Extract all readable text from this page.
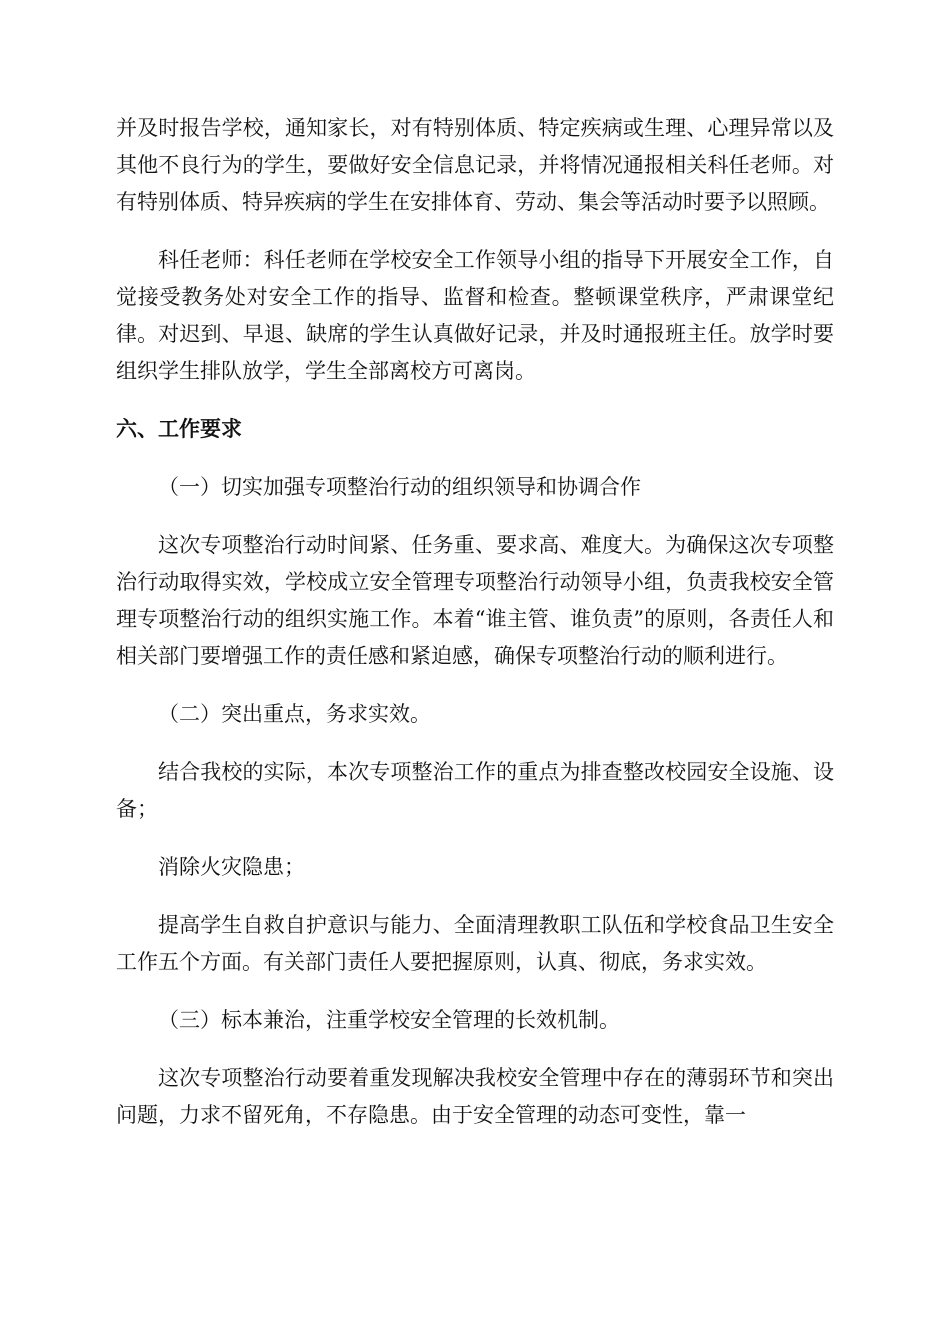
并及时报告学校，通知家长，对有特别体质、特定疾病或生理、心理异常以及其他不良行为的学生，要做好安全信息记录，并将情况通报相关科任老师。对有特别体质、特异疾病的学生在安排体育、劳动、集会等活动时要予以照顾。

科任老师：科任老师在学校安全工作领导小组的指导下开展安全工作，自觉接受教务处对安全工作的指导、监督和检查。整顿课堂秩序，严肃课堂纪律。对迟到、早退、缺席的学生认真做好记录，并及时通报班主任。放学时要组织学生排队放学，学生全部离校方可离岗。

六、工作要求

（一）切实加强专项整治行动的组织领导和协调合作

这次专项整治行动时间紧、任务重、要求高、难度大。为确保这次专项整治行动取得实效，学校成立安全管理专项整治行动领导小组，负责我校安全管理专项整治行动的组织实施工作。本着“谁主管、谁负责”的原则，各责任人和相关部门要增强工作的责任感和紧迫感，确保专项整治行动的顺利进行。

（二）突出重点，务求实效。

结合我校的实际，本次专项整治工作的重点为排查整改校园安全设施、设备；

消除火灾隐患；

提高学生自救自护意识与能力、全面清理教职工队伍和学校食品卫生安全工作五个方面。有关部门责任人要把握原则，认真、彻底，务求实效。

（三）标本兼治，注重学校安全管理的长效机制。

这次专项整治行动要着重发现解决我校安全管理中存在的薄弱环节和突出问题，力求不留死角，不存隐患。由于安全管理的动态可变性，靠一
